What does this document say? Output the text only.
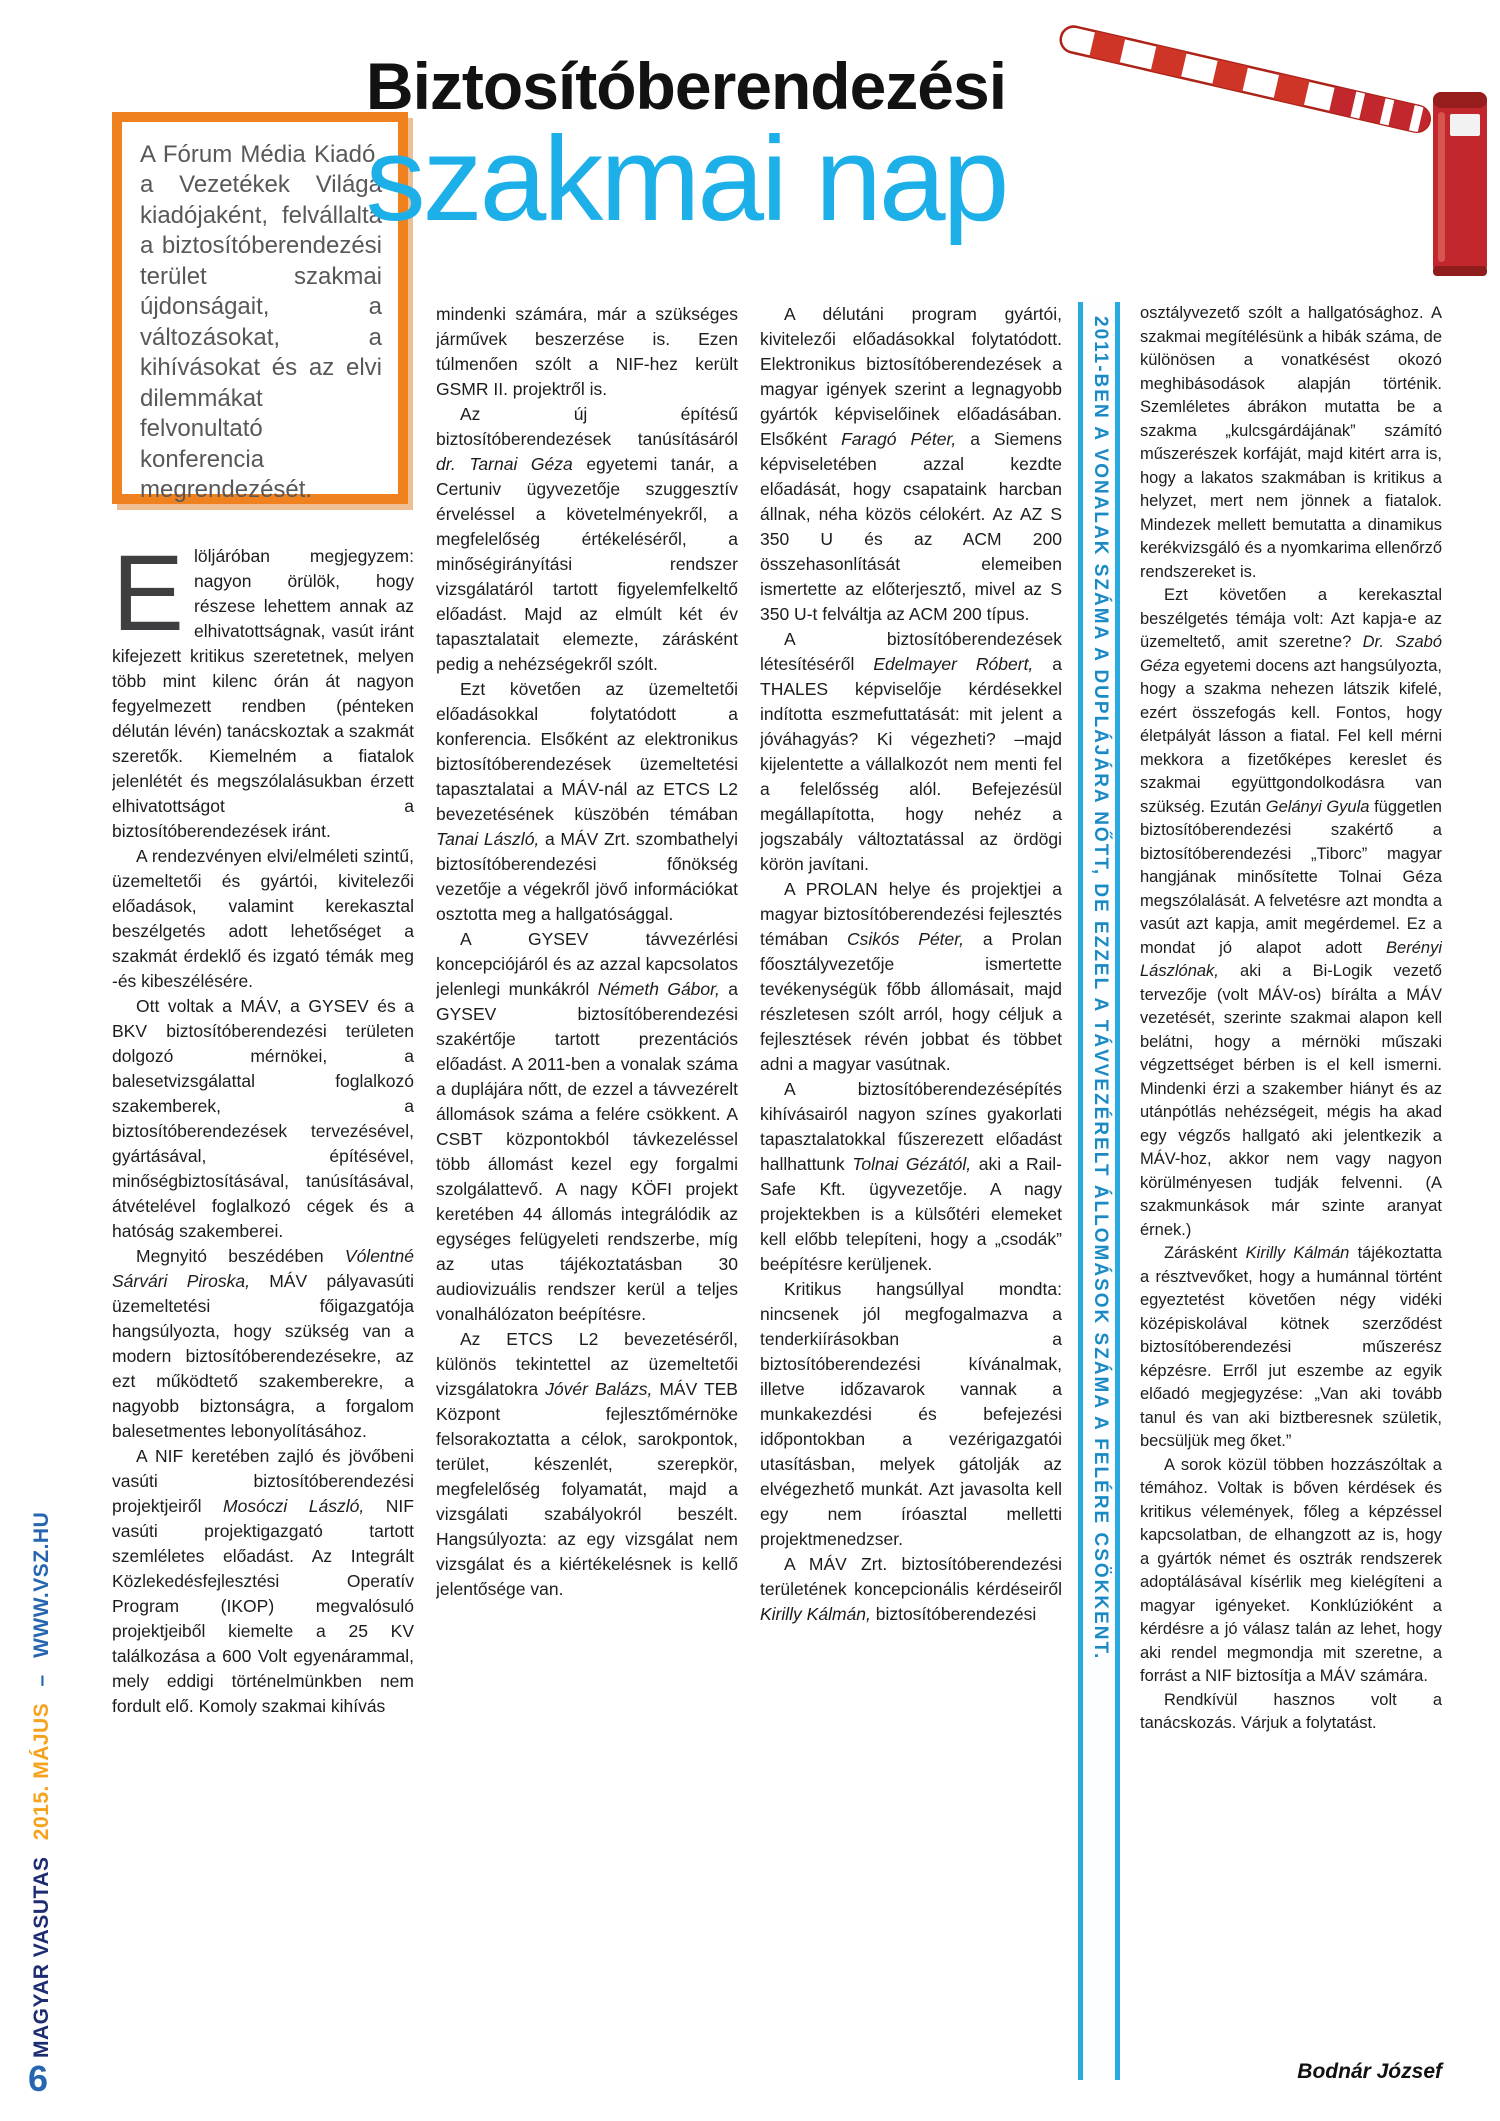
MAGYAR VASUTAS 2015. MÁJUS – WWW.VSZ.HU
6

A Fórum Média Kiadó, a Vezetékek Világa kiadójaként, felvállalta a biztosítóberendezési terület szakmai újdonságait, a változásokat, a kihívásokat és az elvi dilemmákat felvonultató konferencia megrendezését.

Biztosítóberendezési
szakmai nap

Elöljáróban megjegyzem: nagyon örülök, hogy részese lehettem annak az elhivatottságnak, vasút iránt kifejezett kritikus szeretetnek, melyen több mint kilenc órán át nagyon fegyelmezett rendben (pénteken délután lévén) tanácskoztak a szakmát szeretők. Kiemelném a fiatalok jelenlétét és megszólalásukban érzett elhivatottságot a biztosítóberendezések iránt.

A rendezvényen elvi/elméleti szintű, üzemeltetői és gyártói, kivitelezői előadások, valamint kerekasztal beszélgetés adott lehetőséget a szakmát érdeklő és izgató témák meg -és kibeszélésére.

Ott voltak a MÁV, a GYSEV és a BKV biztosítóberendezési területen dolgozó mérnökei, a balesetvizsgálattal foglalkozó szakemberek, a biztosítóberendezések tervezésével, gyártásával, építésével, minőségbiztosításával, tanúsításával, átvételével foglalkozó cégek és a hatóság szakemberei.

Megnyitó beszédében Vólentné Sárvári Piroska, MÁV pályavasúti üzemeltetési főigazgatója hangsúlyozta, hogy szükség van a modern biztosítóberendezésekre, az ezt működtető szakemberekre, a nagyobb biztonságra, a forgalom balesetmentes lebonyolításához.

A NIF keretében zajló és jövőbeni vasúti biztosítóberendezési projektjeiről Mosóczi László, NIF vasúti projektigazgató tartott szemléletes előadást. Az Integrált Közlekedésfejlesztési Operatív Program (IKOP) megvalósuló projektjeiből kiemelte a 25 KV találkozása a 600 Volt egyenárammal, mely eddigi történelmünkben nem fordult elő. Komoly szakmai kihívás

mindenki számára, már a szükséges járművek beszerzése is. Ezen túlmenően szólt a NIF-hez került GSMR II. projektről is.

Az új építésű biztosítóberendezések tanúsításáról dr. Tarnai Géza egyetemi tanár, a Certuniv ügyvezetője szuggesztív érveléssel a követelményekről, a megfelelőség értékeléséről, a minőségirányítási rendszer vizsgálatáról tartott figyelemfelkeltő előadást. Majd az elmúlt két év tapasztalatait elemezte, zárásként pedig a nehézségekről szólt.

Ezt követően az üzemeltetői előadásokkal folytatódott a konferencia. Elsőként az elektronikus biztosítóberendezések üzemeltetési tapasztalatai a MÁV-nál az ETCS L2 bevezetésének küszöbén témában Tanai László, a MÁV Zrt. szombathelyi biztosítóberendezési főnökség vezetője a végekről jövő információkat osztotta meg a hallgatósággal.

A GYSEV távvezérlési koncepciójáról és az azzal kapcsolatos jelenlegi munkákról Németh Gábor, a GYSEV biztosítóberendezési szakértője tartott prezentációs előadást. A 2011-ben a vonalak száma a duplájára nőtt, de ezzel a távvezérelt állomások száma a felére csökkent. A CSBT központokból távkezeléssel több állomást kezel egy forgalmi szolgálattevő. A nagy KÖFI projekt keretében 44 állomás integrálódik az egységes felügyeleti rendszerbe, míg az utas tájékoztatásban 30 audiovizuális rendszer kerül a teljes vonalhálózaton beépítésre.

Az ETCS L2 bevezetéséről, különös tekintettel az üzemeltetői vizsgálatokra Jóvér Balázs, MÁV TEB Központ fejlesztőmérnöke felsorakoztatta a célok, sarokpontok, terület, készenlét, szerepkör, megfelelőség folyamatát, majd a vizsgálati szabályokról beszélt. Hangsúlyozta: az egy vizsgálat nem vizsgálat és a kiértékelésnek is kellő jelentősége van.

A délutáni program gyártói, kivitelezői előadásokkal folytatódott. Elektronikus biztosítóberendezések a magyar igények szerint a legnagyobb gyártók képviselőinek előadásában. Elsőként Faragó Péter, a Siemens képviseletében azzal kezdte előadását, hogy csapataink harcban állnak, néha közös célokért. Az AZ S 350 U és az ACM 200 összehasonlítását elemeiben ismertette az előterjesztő, mivel az S 350 U-t felváltja az ACM 200 típus.

A biztosítóberendezések létesítéséről Edelmayer Róbert, a THALES képviselője kérdésekkel indította eszmefuttatását: mit jelent a jóváhagyás? Ki végezheti? –majd kijelentette a vállalkozót nem menti fel a felelősség alól. Befejezésül megállapította, hogy nehéz a jogszabály változtatással az ördögi körön javítani.

A PROLAN helye és projektjei a magyar biztosítóberendezési fejlesztés témában Csikós Péter, a Prolan főosztályvezetője ismertette tevékenységük főbb állomásait, majd részletesen szólt arról, hogy céljuk a fejlesztések révén jobbat és többet adni a magyar vasútnak.

A biztosítóberendezésépítés kihívásairól nagyon színes gyakorlati tapasztalatokkal fűszerezett előadást hallhattunk Tolnai Gézától, aki a Rail-Safe Kft. ügyvezetője. A nagy projektekben is a külsőtéri elemeket kell előbb telepíteni, hogy a „csodák” beépítésre kerüljenek.

Kritikus hangsúllyal mondta: nincsenek jól megfogalmazva a tenderkiírásokban a biztosítóberendezési kívánalmak, illetve időzavarok vannak a munkakezdési és befejezési időpontokban a vezérigazgatói utasításban, melyek gátolják az elvégezhető munkát. Azt javasolta kell egy nem íróasztal melletti projektmenedzser.

A MÁV Zrt. biztosítóberendezési területének koncepcionális kérdéseiről Kirilly Kálmán, biztosítóberendezési	2011-BEN A VONALAK SZÁMA A DUPLÁJÁRA NŐTT, DE EZZEL A TÁVVEZÉRELT ÁLLOMÁSOK SZÁMA A FELÉRE CSÖKKENT.

osztályvezető szólt a hallgatósághoz. A szakmai megítélésünk a hibák száma, de különösen a vonatkésést okozó meghibásodások alapján történik. Szemléletes ábrákon mutatta be a szakma „kulcsgárdájának” számító műszerészek korfáját, majd kitért arra is, hogy a lakatos szakmában is kritikus a helyzet, mert nem jönnek a fiatalok. Mindezek mellett bemutatta a dinamikus kerékvizsgáló és a nyomkarima ellenőrző rendszereket is.

Ezt követően a kerekasztal beszélgetés témája volt: Azt kapja-e az üzemeltető, amit szeretne? Dr. Szabó Géza egyetemi docens azt hangsúlyozta, hogy a szakma nehezen látszik kifelé, ezért összefogás kell. Fontos, hogy életpályát lásson a fiatal. Fel kell mérni mekkora a fizetőképes kereslet és szakmai együttgondolkodásra van szükség. Ezután Gelányi Gyula független biztosítóberendezési szakértő a biztosítóberendezési „Tiborc” magyar hangjának minősítette Tolnai Géza megszólalását. A felvetésre azt mondta a vasút azt kapja, amit megérdemel. Ez a mondat jó alapot adott Berényi Lászlónak, aki a Bi-Logik vezető tervezője (volt MÁV-os) bírálta a MÁV vezetését, szerinte szakmai alapon kell belátni, hogy a mérnöki műszaki végzettséget bérben is el kell ismerni. Mindenki érzi a szakember hiányt és az utánpótlás nehézségeit, mégis ha akad egy végzős hallgató aki jelentkezik a MÁV-hoz, akkor nem vagy nagyon körülményesen tudják felvenni. (A szakmunkások már szinte aranyat érnek.)

Zárásként Kirilly Kálmán tájékoztatta a résztvevőket, hogy a humánnal történt egyeztetést követően négy vidéki középiskolával kötnek szerződést biztosítóberendezési műszerész képzésre. Erről jut eszembe az egyik előadó megjegyzése: „Van aki tovább tanul és van aki biztberesnek születik, becsüljük meg őket.”

A sorok közül többen hozzászóltak a témához. Voltak is bőven kérdések és kritikus vélemények, főleg a képzéssel kapcsolatban, de elhangzott az is, hogy a gyártók német és osztrák rendszerek adoptálásával kísérlik meg kielégíteni a magyar igényeket. Konklúzióként a kérdésre a jó válasz talán az lehet, hogy aki rendel megmondja mit szeretne, a forrást a NIF biztosítja a MÁV számára.

Rendkívül hasznos volt a tanácskozás. Várjuk a folytatást.

Bodnár József
